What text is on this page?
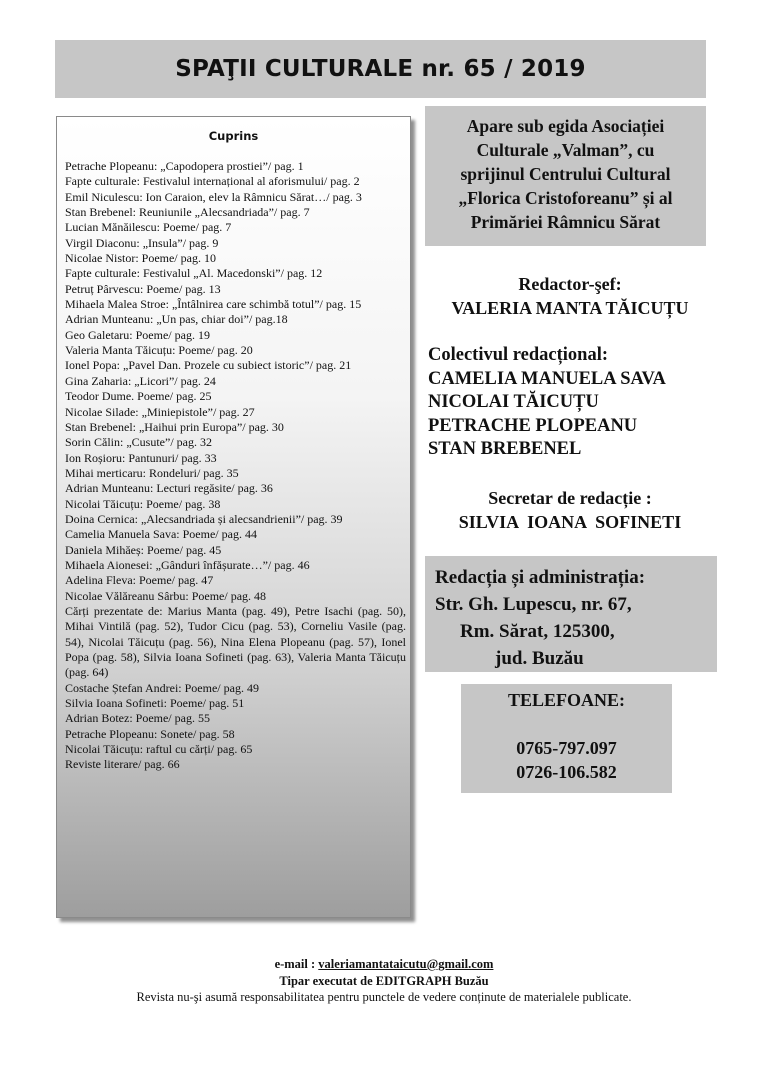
SPAŢII CULTURALE nr. 65 / 2019
Cuprins
Petrache Plopeanu: „Capodopera prostiei”/ pag. 1
Fapte culturale: Festivalul internațional al aforismului/ pag. 2
Emil Niculescu: Ion Caraion, elev la Râmnicu Sărat…/ pag. 3
Stan Brebenel: Reuniunile „Alecsandriada”/ pag. 7
Lucian Mănăilescu: Poeme/ pag. 7
Virgil Diaconu: „Insula”/ pag. 9
Nicolae Nistor: Poeme/ pag. 10
Fapte culturale: Festivalul „Al. Macedonski”/ pag. 12
Petruț Pârvescu: Poeme/ pag. 13
Mihaela Malea Stroe: „Întâlnirea care schimbă totul”/ pag. 15
Adrian Munteanu: „Un pas, chiar doi”/ pag.18
Geo Galetaru: Poeme/ pag. 19
Valeria Manta Tăicuțu: Poeme/ pag. 20
Ionel Popa: „Pavel Dan. Prozele cu subiect istoric”/ pag. 21
Gina Zaharia: „Licori”/ pag. 24
Teodor Dume. Poeme/ pag. 25
Nicolae Silade: „Miniepistole”/ pag. 27
Stan Brebenel: „Haihui prin Europa”/ pag. 30
Sorin Călin: „Cusute”/ pag. 32
Ion Roșioru: Pantunuri/ pag. 33
Mihai merticaru: Rondeluri/ pag. 35
Adrian Munteanu: Lecturi regăsite/ pag. 36
Nicolai Tăicuțu: Poeme/ pag. 38
Doina Cernica: „Alecsandriada și alecsandrienii”/ pag. 39
Camelia Manuela Sava: Poeme/ pag. 44
Daniela Mihăeș: Poeme/ pag. 45
Mihaela Aionesei: „Gânduri înfășurate…”/ pag. 46
Adelina Fleva: Poeme/ pag. 47
Nicolae Vălăreanu Sârbu: Poeme/ pag. 48
Cărți prezentate de: Marius Manta (pag. 49), Petre Isachi (pag. 50), Mihai Vintilă (pag. 52), Tudor Cicu (pag. 53), Corneliu Vasile (pag. 54), Nicolai Tăicuțu (pag. 56), Nina Elena Plopeanu (pag. 57), Ionel Popa (pag. 58), Silvia Ioana Sofineti (pag. 63), Valeria Manta Tăicuțu (pag. 64)
Costache Ștefan Andrei: Poeme/ pag. 49
Silvia Ioana Sofineti: Poeme/ pag. 51
Adrian Botez: Poeme/ pag. 55
Petrache Plopeanu: Sonete/ pag. 58
Nicolai Tăicuțu: raftul cu cărți/ pag. 65
Reviste literare/ pag. 66
Apare sub egida Asociației
Culturale „Valman”, cu
sprijinul Centrului Cultural
„Florica Cristoforeanu” și al
Primăriei Râmnicu Sărat
Redactor-şef:
VALERIA MANTA TĂICUȚU
Colectivul redacțional:
CAMELIA MANUELA SAVA
NICOLAI TĂICUȚU
PETRACHE PLOPEANU
STAN BREBENEL
Secretar de redacție :
SILVIA  IOANA  SOFINETI
Redacția și administrația:
Str. Gh. Lupescu, nr. 67,
Rm. Sărat, 125300,
jud. Buzău
TELEFOANE:
0765-797.097
0726-106.582
e-mail : valeriamantataicutu@gmail.com
Tipar executat de EDITGRAPH Buzău
Revista nu-şi asumă responsabilitatea pentru punctele de vedere conținute de materialele publicate.
